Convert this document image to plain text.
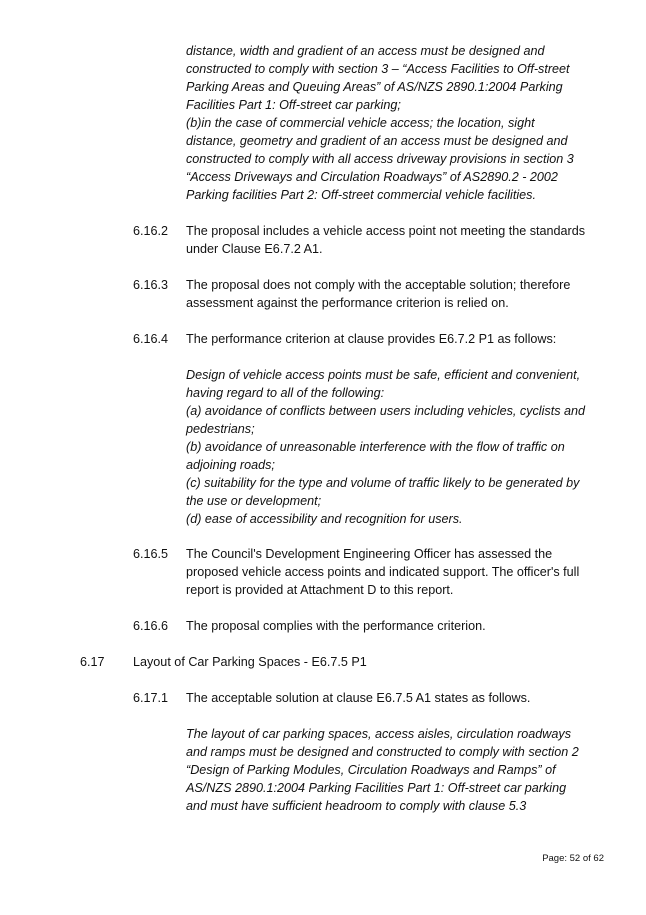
distance, width and gradient of an access must be designed and
constructed to comply with section 3 – “Access Facilities to Off-street
Parking Areas and Queuing Areas” of AS/NZS 2890.1:2004 Parking
Facilities Part 1: Off-street car parking;
(b)in the case of commercial vehicle access; the location, sight
distance, geometry and gradient of an access must be designed and
constructed to comply with all access driveway provisions in section 3
“Access Driveways and Circulation Roadways” of AS2890.2 - 2002
Parking facilities Part 2: Off-street commercial vehicle facilities.
6.16.2 The proposal includes a vehicle access point not meeting the standards
under Clause E6.7.2 A1.
6.16.3 The proposal does not comply with the acceptable solution; therefore
assessment against the performance criterion is relied on.
6.16.4 The performance criterion at clause provides E6.7.2 P1 as follows:
Design of vehicle access points must be safe, efficient and convenient,
having regard to all of the following:
(a) avoidance of conflicts between users including vehicles, cyclists and
pedestrians;
(b) avoidance of unreasonable interference with the flow of traffic on
adjoining roads;
(c) suitability for the type and volume of traffic likely to be generated by
the use or development;
(d) ease of accessibility and recognition for users.
6.16.5 The Council's Development Engineering Officer has assessed the
proposed vehicle access points and indicated support. The officer's full
report is provided at Attachment D to this report.
6.16.6 The proposal complies with the performance criterion.
6.17 Layout of Car Parking Spaces - E6.7.5 P1
6.17.1 The acceptable solution at clause E6.7.5 A1 states as follows.
The layout of car parking spaces, access aisles, circulation roadways
and ramps must be designed and constructed to comply with section 2
“Design of Parking Modules, Circulation Roadways and Ramps” of
AS/NZS 2890.1:2004 Parking Facilities Part 1: Off-street car parking
and must have sufficient headroom to comply with clause 5.3
Page: 52 of 62
